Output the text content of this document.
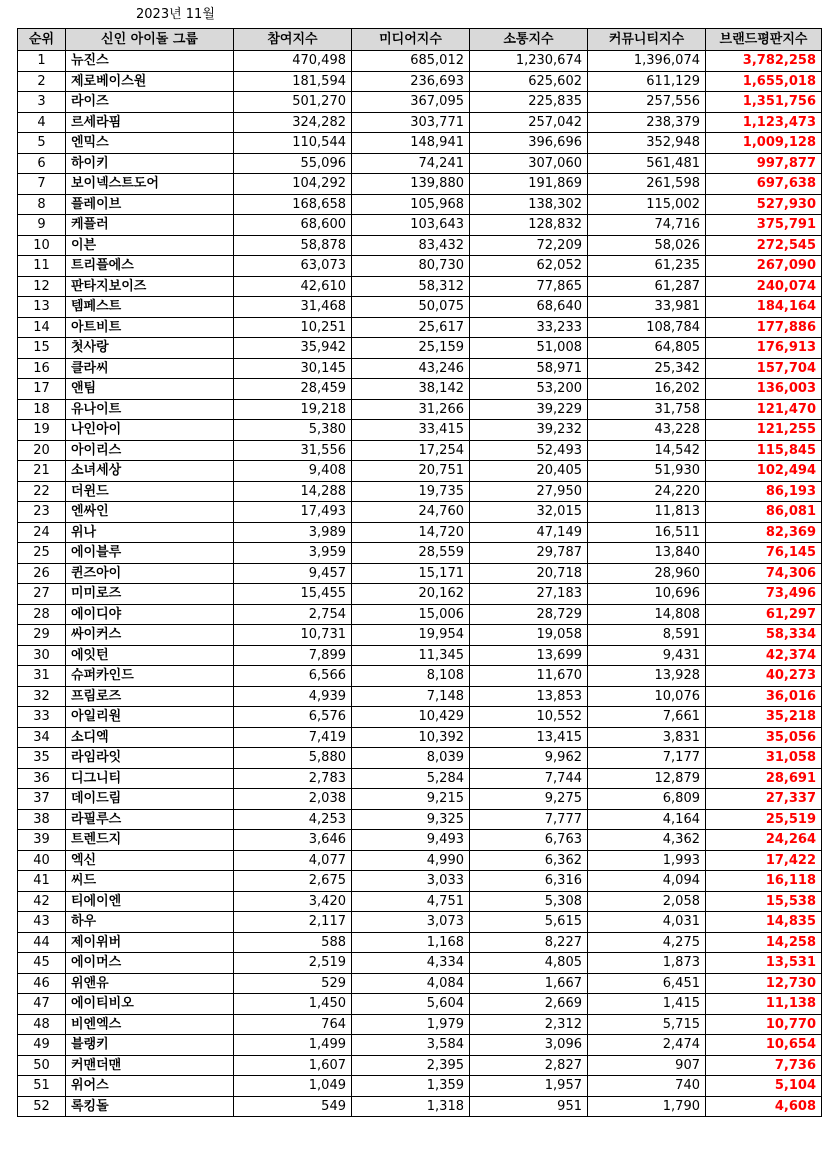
2023년 11월
순위	신인 아이돌 그룹	참여지수	미디어지수	소통지수	커뮤니티지수	브랜드평판지수
1	뉴진스	470,498	685,012	1,230,674	1,396,074	3,782,258
2	제로베이스원	181,594	236,693	625,602	611,129	1,655,018
3	라이즈	501,270	367,095	225,835	257,556	1,351,756
4	르세라핌	324,282	303,771	257,042	238,379	1,123,473
5	엔믹스	110,544	148,941	396,696	352,948	1,009,128
6	하이키	55,096	74,241	307,060	561,481	997,877
7	보이넥스트도어	104,292	139,880	191,869	261,598	697,638
8	플레이브	168,658	105,968	138,302	115,002	527,930
9	케플러	68,600	103,643	128,832	74,716	375,791
10	이븐	58,878	83,432	72,209	58,026	272,545
11	트리플에스	63,073	80,730	62,052	61,235	267,090
12	판타지보이즈	42,610	58,312	77,865	61,287	240,074
13	템페스트	31,468	50,075	68,640	33,981	184,164
14	아트비트	10,251	25,617	33,233	108,784	177,886
15	첫사랑	35,942	25,159	51,008	64,805	176,913
16	클라씨	30,145	43,246	58,971	25,342	157,704
17	앤팀	28,459	38,142	53,200	16,202	136,003
18	유나이트	19,218	31,266	39,229	31,758	121,470
19	나인아이	5,380	33,415	39,232	43,228	121,255
20	아이리스	31,556	17,254	52,493	14,542	115,845
21	소녀세상	9,408	20,751	20,405	51,930	102,494
22	더윈드	14,288	19,735	27,950	24,220	86,193
23	엔싸인	17,493	24,760	32,015	11,813	86,081
24	위나	3,989	14,720	47,149	16,511	82,369
25	에이블루	3,959	28,559	29,787	13,840	76,145
26	퀸즈아이	9,457	15,171	20,718	28,960	74,306
27	미미로즈	15,455	20,162	27,183	10,696	73,496
28	에이디야	2,754	15,006	28,729	14,808	61,297
29	싸이커스	10,731	19,954	19,058	8,591	58,334
30	에잇턴	7,899	11,345	13,699	9,431	42,374
31	슈퍼카인드	6,566	8,108	11,670	13,928	40,273
32	프림로즈	4,939	7,148	13,853	10,076	36,016
33	아일리원	6,576	10,429	10,552	7,661	35,218
34	소디엑	7,419	10,392	13,415	3,831	35,056
35	라임라잇	5,880	8,039	9,962	7,177	31,058
36	디그니티	2,783	5,284	7,744	12,879	28,691
37	데이드림	2,038	9,215	9,275	6,809	27,337
38	라필루스	4,253	9,325	7,777	4,164	25,519
39	트렌드지	3,646	9,493	6,763	4,362	24,264
40	엑신	4,077	4,990	6,362	1,993	17,422
41	씨드	2,675	3,033	6,316	4,094	16,118
42	티에이엔	3,420	4,751	5,308	2,058	15,538
43	하우	2,117	3,073	5,615	4,031	14,835
44	제이위버	588	1,168	8,227	4,275	14,258
45	에이머스	2,519	4,334	4,805	1,873	13,531
46	위앤유	529	4,084	1,667	6,451	12,730
47	에이티비오	1,450	5,604	2,669	1,415	11,138
48	비엔엑스	764	1,979	2,312	5,715	10,770
49	블랭키	1,499	3,584	3,096	2,474	10,654
50	커맨더맨	1,607	2,395	2,827	907	7,736
51	위어스	1,049	1,359	1,957	740	5,104
52	록킹돌	549	1,318	951	1,790	4,608
